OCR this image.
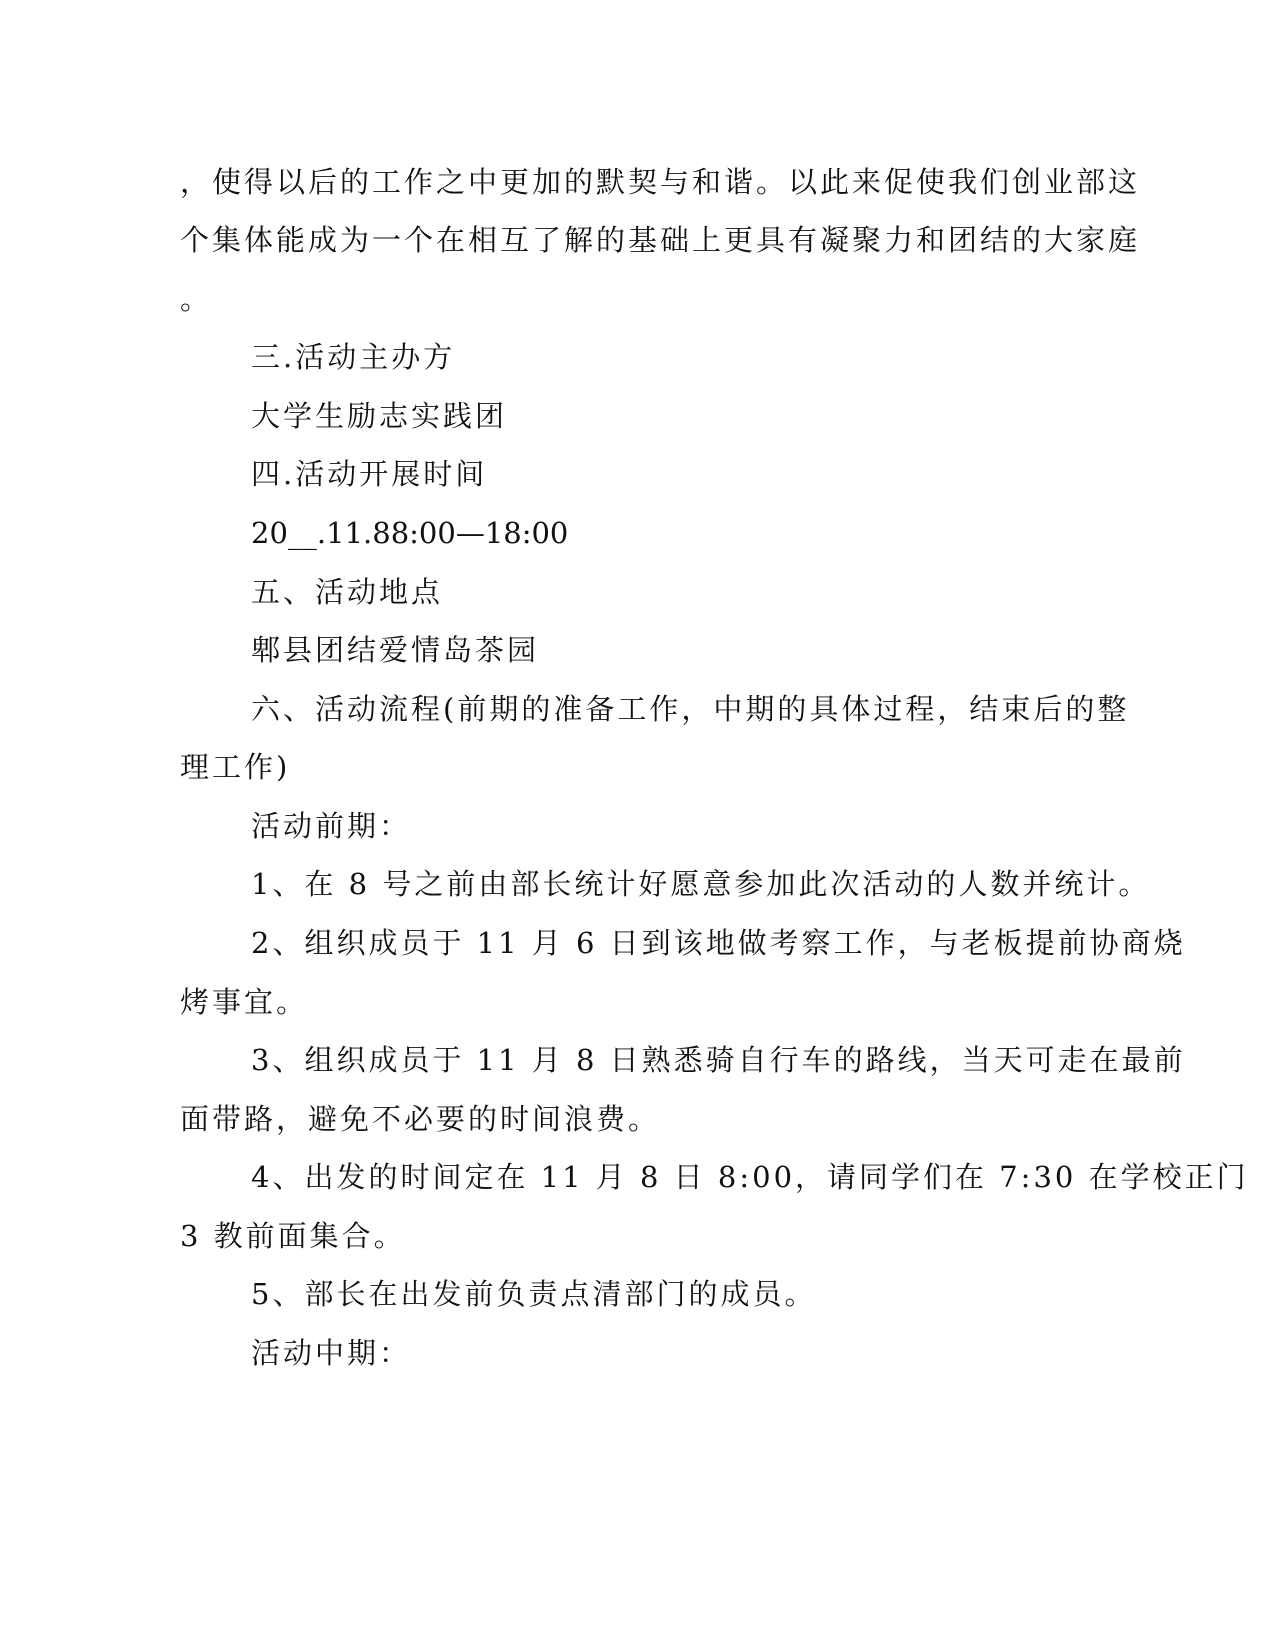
，使得以后的工作之中更加的默契与和谐。以此来促使我们创业部这
个集体能成为一个在相互了解的基础上更具有凝聚力和团结的大家庭
。
三.活动主办方
大学生励志实践团
四.活动开展时间
20__.11.88:00—18:00
五、活动地点
郫县团结爱情岛茶园
六、活动流程(前期的准备工作，中期的具体过程，结束后的整
理工作)
活动前期：
1、在 8 号之前由部长统计好愿意参加此次活动的人数并统计。
2、组织成员于 11 月 6 日到该地做考察工作，与老板提前协商烧
烤事宜。
3、组织成员于 11 月 8 日熟悉骑自行车的路线，当天可走在最前
面带路，避免不必要的时间浪费。
4、出发的时间定在 11 月 8 日 8:00，请同学们在 7:30 在学校正门
3 教前面集合。
5、部长在出发前负责点清部门的成员。
活动中期：
